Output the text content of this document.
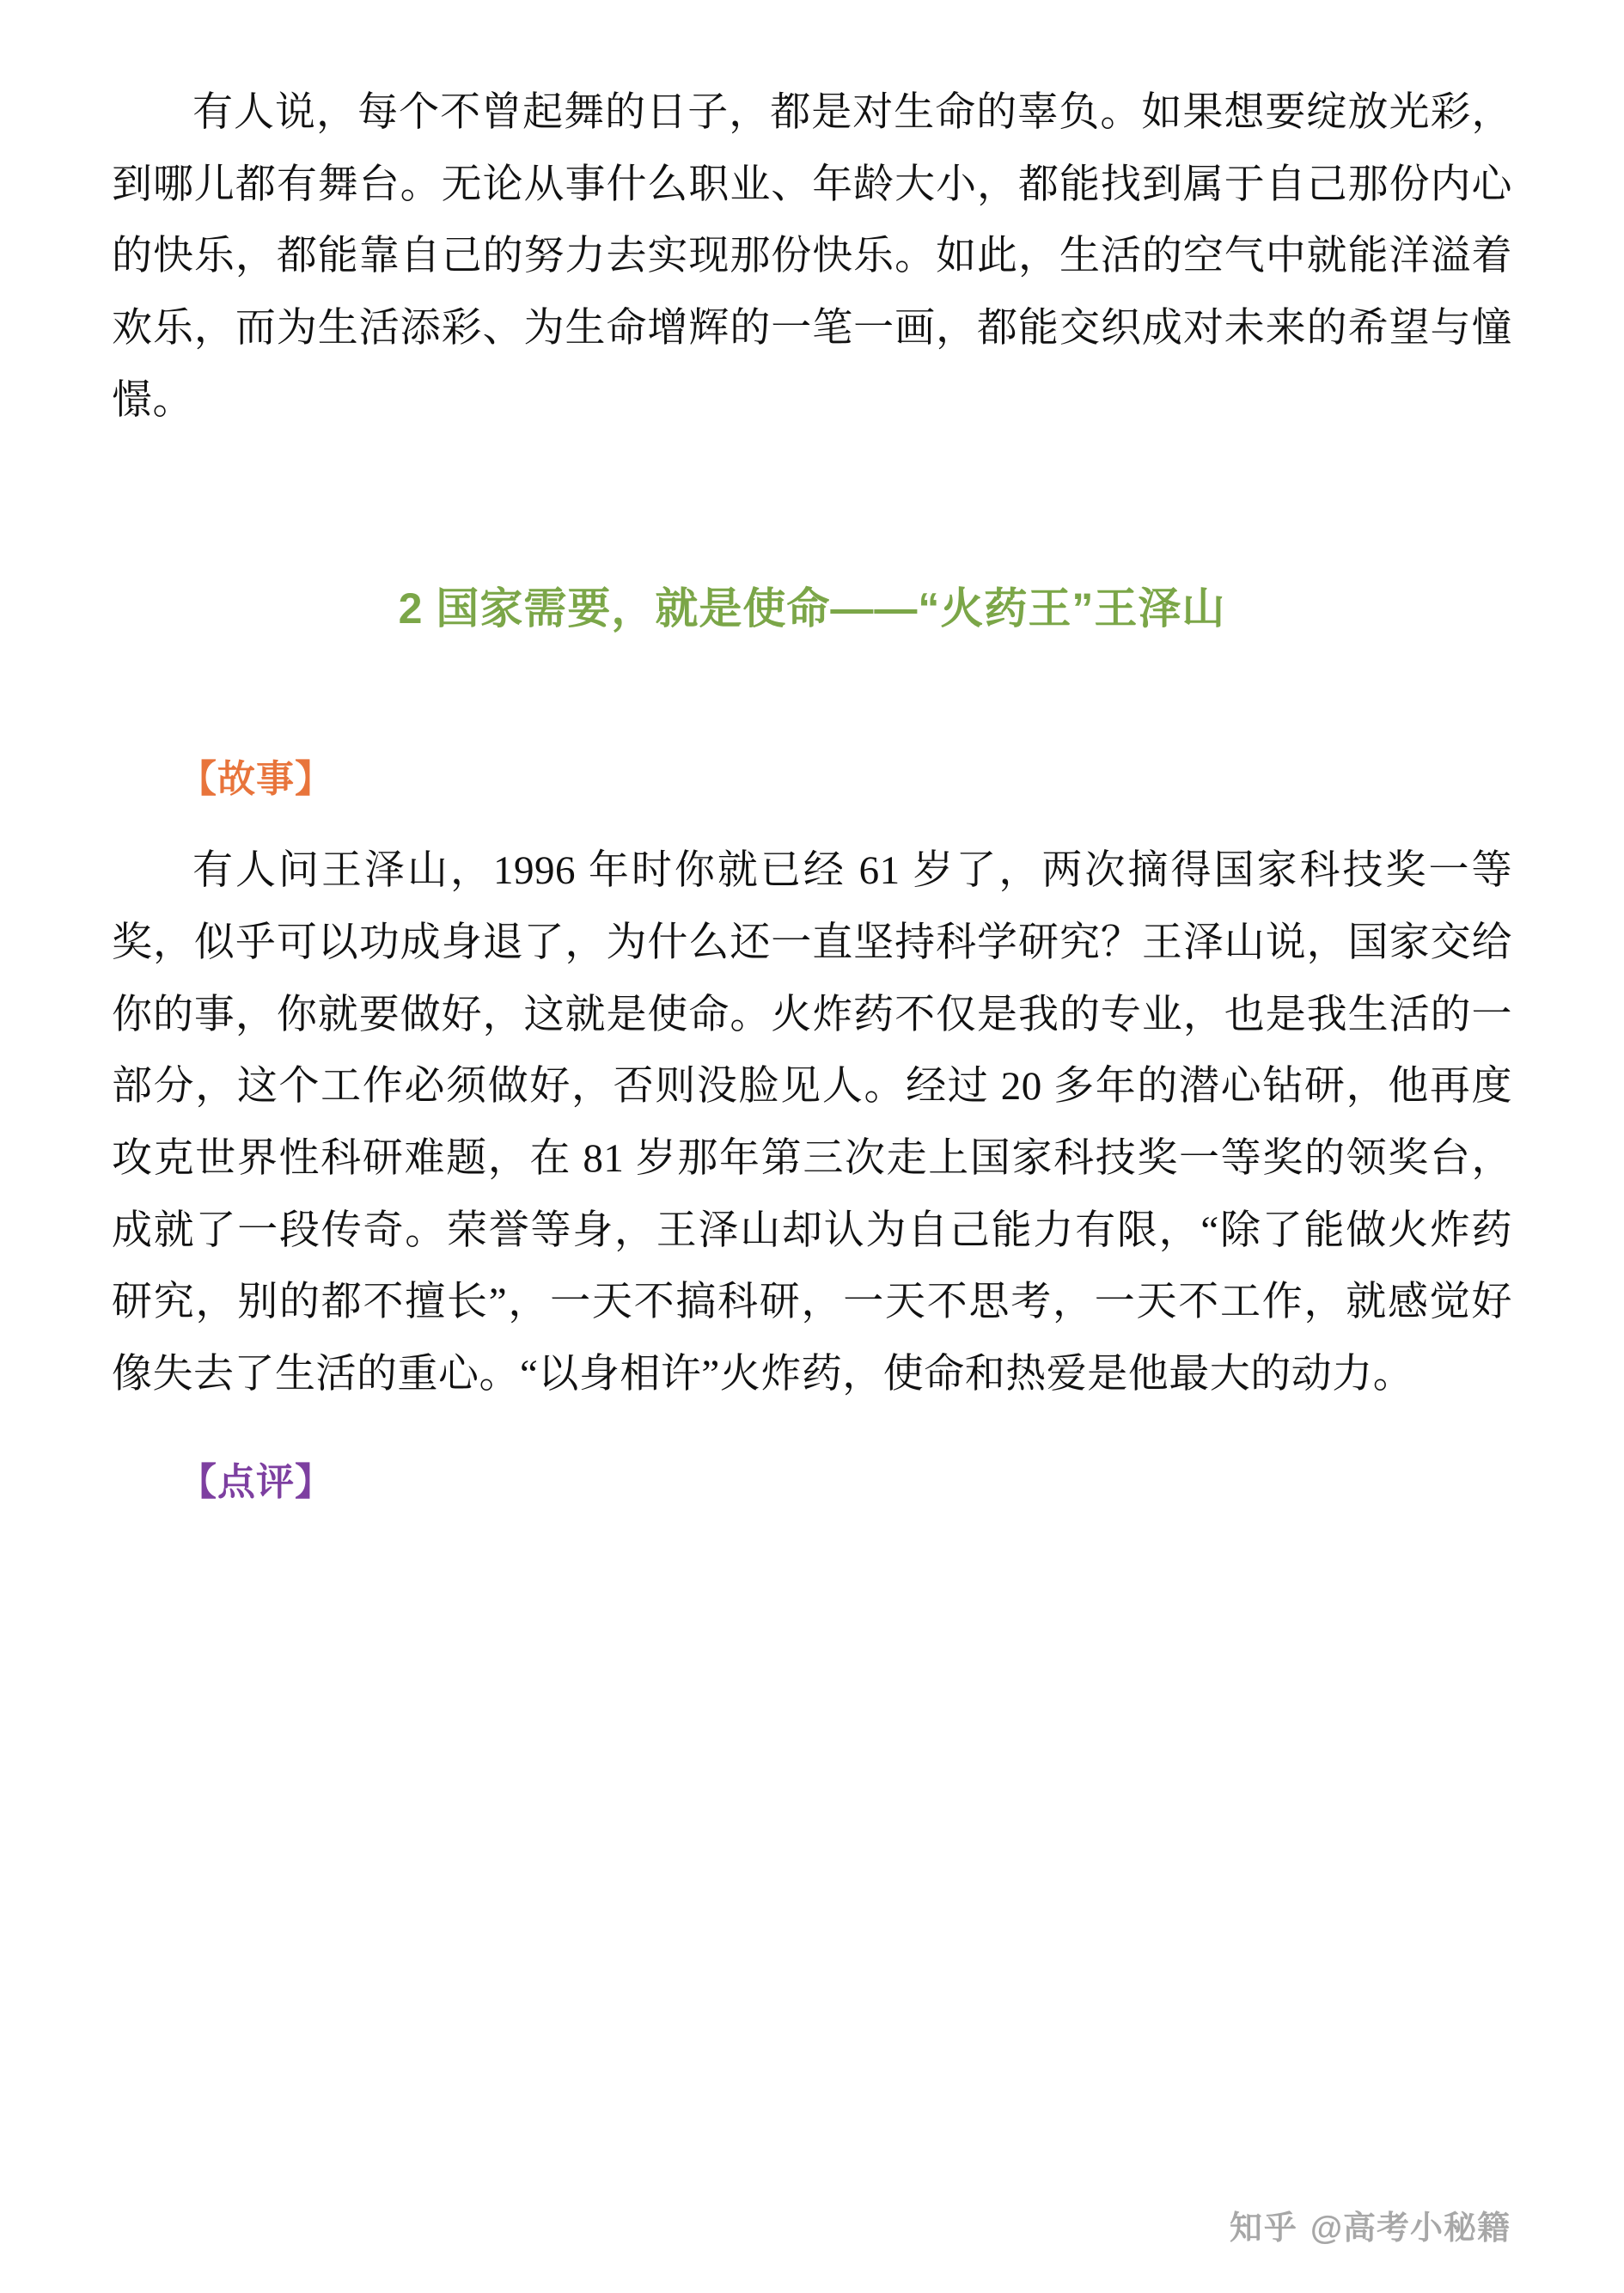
有人说，每个不曾起舞的日子，都是对生命的辜负。如果想要绽放光彩，到哪儿都有舞台。无论从事什么职业、年龄大小，都能找到属于自己那份内心的快乐，都能靠自己的努力去实现那份快乐。如此，生活的空气中就能洋溢着欢乐，而为生活添彩、为生命增辉的一笔一画，都能交织成对未来的希望与憧憬。

2 国家需要，就是使命——“火药王”王泽山
【故事】

有人问王泽山，1996 年时你就已经 61 岁了，两次摘得国家科技奖一等奖，似乎可以功成身退了，为什么还一直坚持科学研究？王泽山说，国家交给你的事，你就要做好，这就是使命。火炸药不仅是我的专业，也是我生活的一部分，这个工作必须做好，否则没脸见人。经过 20 多年的潜心钻研，他再度攻克世界性科研难题，在 81 岁那年第三次走上国家科技奖一等奖的领奖台，成就了一段传奇。荣誉等身，王泽山却认为自己能力有限，“除了能做火炸药研究，别的都不擅长”，一天不搞科研，一天不思考，一天不工作，就感觉好像失去了生活的重心。“以身相许”火炸药，使命和热爱是他最大的动力。

【点评】
知乎 @高考小秘籍
